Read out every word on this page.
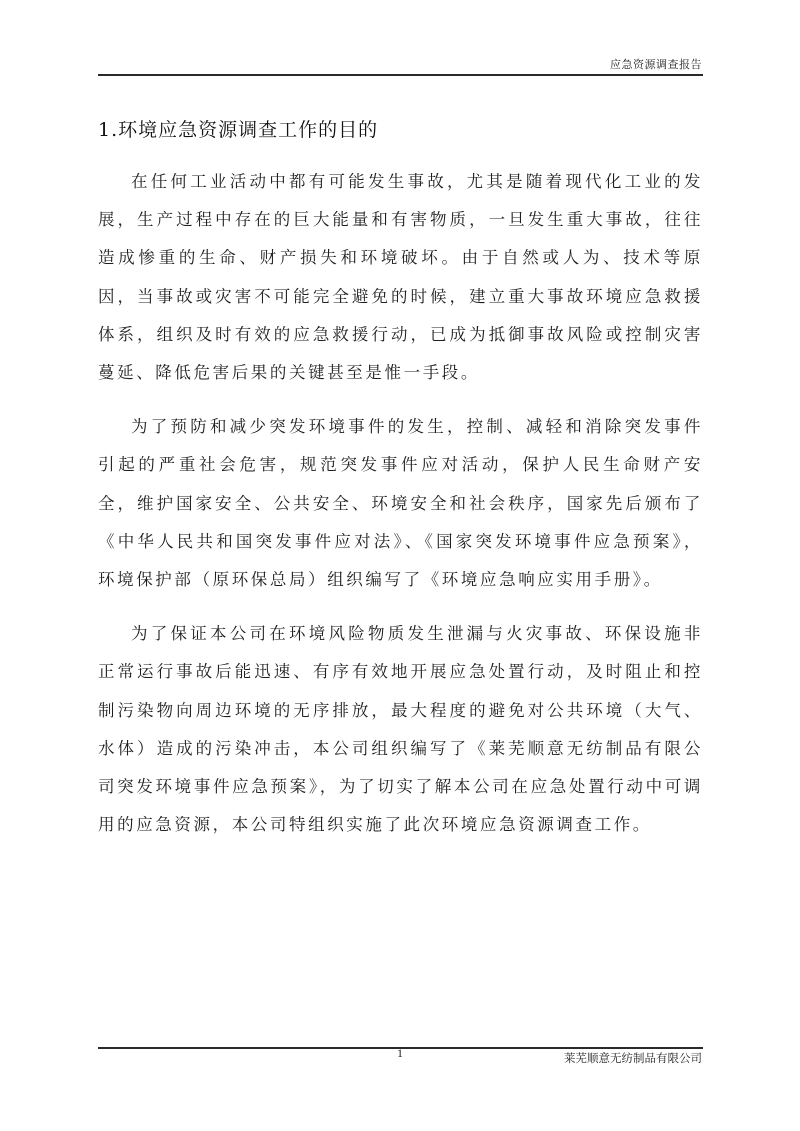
应急资源调查报告
1.环境应急资源调查工作的目的

在任何工业活动中都有可能发生事故，尤其是随着现代化工业的发展，生产过程中存在的巨大能量和有害物质，一旦发生重大事故，往往造成惨重的生命、财产损失和环境破坏。由于自然或人为、技术等原因，当事故或灾害不可能完全避免的时候，建立重大事故环境应急救援体系，组织及时有效的应急救援行动，已成为抵御事故风险或控制灾害蔓延、降低危害后果的关键甚至是惟一手段。

为了预防和减少突发环境事件的发生，控制、减轻和消除突发事件引起的严重社会危害，规范突发事件应对活动，保护人民生命财产安全，维护国家安全、公共安全、环境安全和社会秩序，国家先后颁布了《中华人民共和国突发事件应对法》、《国家突发环境事件应急预案》，环境保护部（原环保总局）组织编写了《环境应急响应实用手册》。

为了保证本公司在环境风险物质发生泄漏与火灾事故、环保设施非正常运行事故后能迅速、有序有效地开展应急处置行动，及时阻止和控制污染物向周边环境的无序排放，最大程度的避免对公共环境（大气、水体）造成的污染冲击，本公司组织编写了《莱芜顺意无纺制品有限公司突发环境事件应急预案》，为了切实了解本公司在应急处置行动中可调用的应急资源，本公司特组织实施了此次环境应急资源调查工作。

1	莱芜顺意无纺制品有限公司
